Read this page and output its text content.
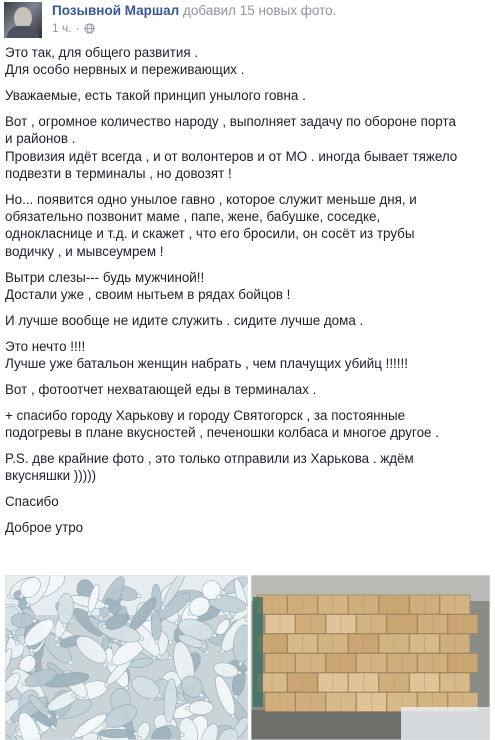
Позывной Маршал добавил 15 новых фото.
1 ч. ·
Это так, для общего развития .
Для особо нервных и переживающих .
Уважаемые, есть такой принцип унылого говна .
Вот , огромное количество народу , выполняет задачу по обороне порта
и районов .
Провизия идёт всегда , и от волонтеров и от МО . иногда бывает тяжело
подвезти в терминалы , но довозят !
Но... появится одно унылое гавно , которое служит меньше дня, и
обязательно позвонит маме , папе, жене, бабушке, соседке,
однокласнице и т.д. и скажет , что его бросили, он сосёт из трубы
водичку , и мывсеумрем !
Вытри слезы--- будь мужчиной!!
Достали уже , своим нытьем в рядах бойцов !
И лучше вообще не идите служить . сидите лучше дома .
Это нечто !!!!
Лучше уже батальон женщин набрать , чем плачущих убийц !!!!!!
Вот , фотоотчет нехватающей еды в терминалах .
+ спасибо городу Харькову и городу Святогорск , за постоянные
подогревы в плане вкусностей , печеношки колбаса и многое другое .
P.S. две крайние фото , это только отправили из Харькова . ждём
вкусняшки )))))
Спасибо
Доброе утро
